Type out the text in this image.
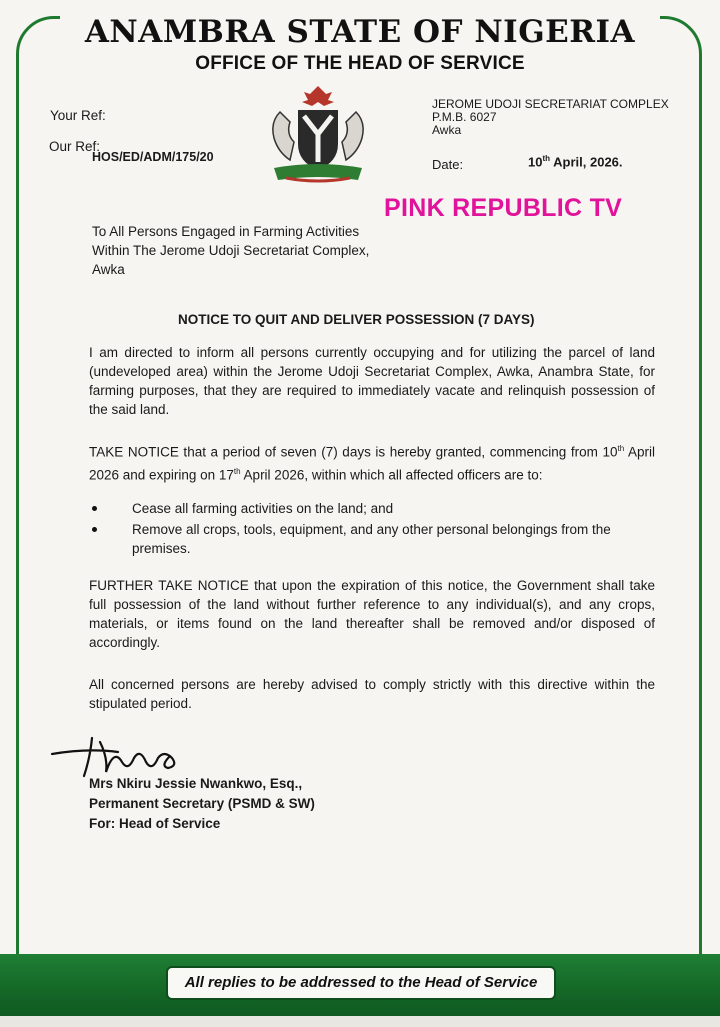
ANAMBRA STATE OF NIGERIA
OFFICE OF THE HEAD OF SERVICE
Your Ref:
Our Ref:
HOS/ED/ADM/175/20
JEROME UDOJI SECRETARIAT COMPLEX
P.M.B. 6027
Awka
Date:	10th April, 2026.
PINK REPUBLIC TV
To All Persons Engaged in Farming Activities
Within The Jerome Udoji Secretariat Complex,
Awka
NOTICE TO QUIT AND DELIVER POSSESSION (7 DAYS)
I am directed to inform all persons currently occupying and for utilizing the parcel of land (undeveloped area) within the Jerome Udoji Secretariat Complex, Awka, Anambra State, for farming purposes, that they are required to immediately vacate and relinquish possession of the said land.
TAKE NOTICE that a period of seven (7) days is hereby granted, commencing from 10th April 2026 and expiring on 17th April 2026, within which all affected officers are to:
Cease all farming activities on the land; and
Remove all crops, tools, equipment, and any other personal belongings from the premises.
FURTHER TAKE NOTICE that upon the expiration of this notice, the Government shall take full possession of the land without further reference to any individual(s), and any crops, materials, or items found on the land thereafter shall be removed and/or disposed of accordingly.
All concerned persons are hereby advised to comply strictly with this directive within the stipulated period.
Mrs Nkiru Jessie Nwankwo, Esq.,
Permanent Secretary (PSMD & SW)
For: Head of Service
All replies to be addressed to the Head of Service
